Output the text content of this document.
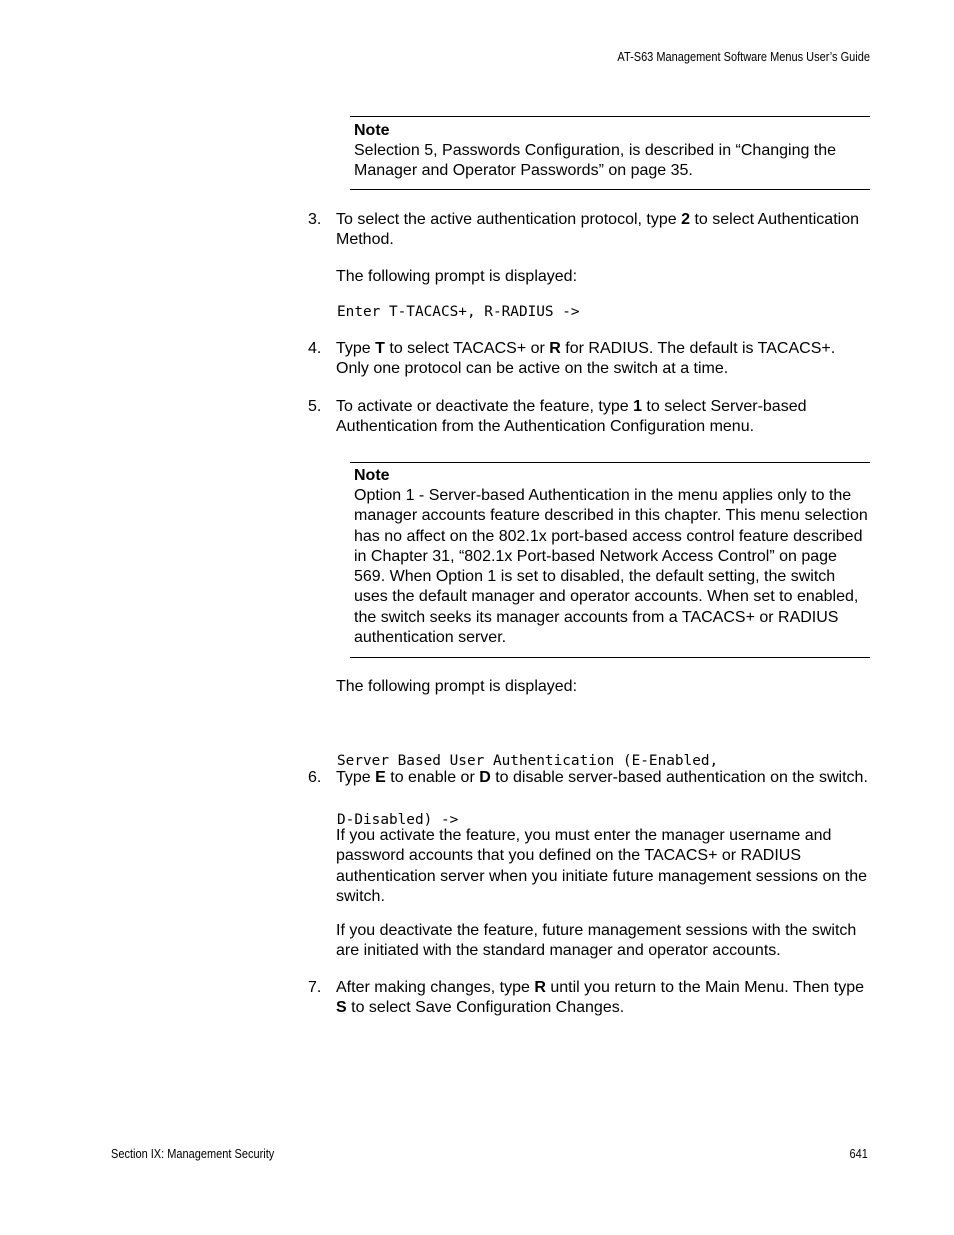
AT-S63 Management Software Menus User’s Guide
Note
Selection 5, Passwords Configuration, is described in “Changing the Manager and Operator Passwords” on page 35.
3. To select the active authentication protocol, type 2 to select Authentication Method.
The following prompt is displayed:
Enter T-TACACS+, R-RADIUS ->
4. Type T to select TACACS+ or R for RADIUS. The default is TACACS+. Only one protocol can be active on the switch at a time.
5. To activate or deactivate the feature, type 1 to select Server-based Authentication from the Authentication Configuration menu.
Note
Option 1 - Server-based Authentication in the menu applies only to the manager accounts feature described in this chapter. This menu selection has no affect on the 802.1x port-based access control feature described in Chapter 31, “802.1x Port-based Network Access Control” on page 569. When Option 1 is set to disabled, the default setting, the switch uses the default manager and operator accounts. When set to enabled, the switch seeks its manager accounts from a TACACS+ or RADIUS authentication server.
The following prompt is displayed:

Server Based User Authentication (E-Enabled,

D-Disabled) ->

6. Type E to enable or D to disable server-based authentication on the switch.
If you activate the feature, you must enter the manager username and password accounts that you defined on the TACACS+ or RADIUS authentication server when you initiate future management sessions on the switch.
If you deactivate the feature, future management sessions with the switch are initiated with the standard manager and operator accounts.
7. After making changes, type R until you return to the Main Menu. Then type S to select Save Configuration Changes.
Section IX: Management Security	641
